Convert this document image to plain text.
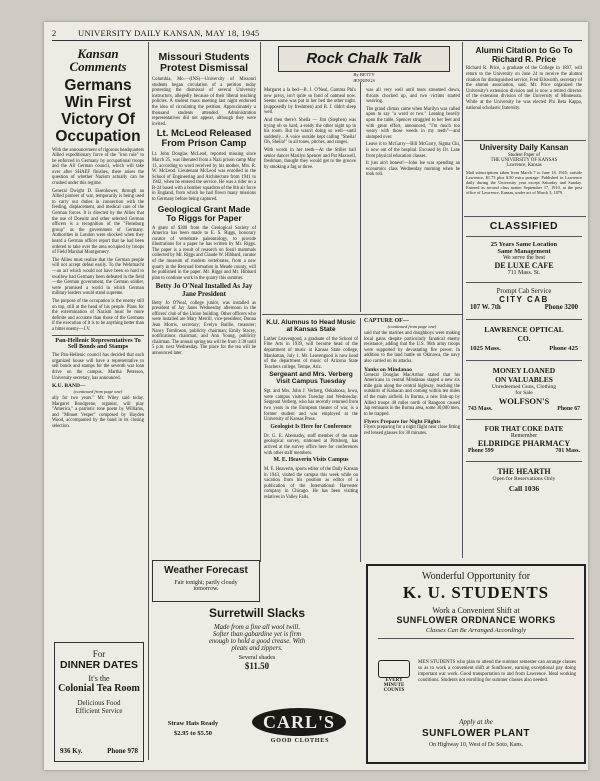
2	UNIVERSITY DAILY KANSAN, MAY 18, 1945
Kansan Comments
Germans Win First Victory Of Occupation

With the announcement of rigorous headquarters Allied expeditionary force of the "iron rule" to be enforced in Germany by occupational troops and the All German council, which will take over after SHAEF finishes, there arises the question of whether Nazism actually can be crushed under this regime.

General Dwight D. Eisenhower, through an Allied pioneer of war, temporarily is being used to carry out duties in connection with the feeding, displacement, and medical care of the German forces. It is directed by the Allies that the use of Doenitz and other selected German officers is a recognition of the "Flensburg group" as the government of Germany. Authorities in London were shocked when they heard a German officer report that he had been ordered to take over the area occupied by troops of Field Marshal Montgomery.

The Allies must realize that the German people will not accept defeat easily. To the Wehrmacht—an act which would not have been so hard to swallow had Germany been defeated in the field—the German government, the German soldier, were promised a world in which German military leaders would stand supreme.

The purpose of the occupation is the enemy still on top, still at the head of his people. Plans for the extermination of Nazism must be more definite and accurate than those of the Germans if the execution of it is to be anything better than a bitter enemy—J.V.

Pan-Hellenic Representatives To Sell Bonds and Stamps

The Pan-Hellenic council has decided that each organized house will have a representative to sell bonds and stamps for the seventh war loan drive on the campus. Martha Peterson, University secretary, has announced.

K.U. BAND—
(continued from page one)

ally for two years." Mr. Wiley said today. Margaret Bondgrene, organist, will play "America," a patriotic tone poem by Williams, and "Minuet Vesper" composed by Hayden Wood, accompanied by the band in its closing selection.

For
DINNER DATES
It's the
Colonial Tea Room
Delicious Food
Efficient Service
936 Ky.	Phone 978
Missouri Students Protest Dismissal

Columbia, Mo.—(INS)—University of Missouri students began circulation of a petition today protesting the dismissal of several University instructors, allegedly because of their liberal teaching policies. A student mass meeting last night endorsed the idea of circulating the petition. Approximately a thousand students attended. Administration representatives did not appear, although they were invited.

Lt. McLeod Released From Prison Camp

Lt. John Douglas McLeod, reported missing since March 25, was liberated from a Nazi prison camp May 11, according to word received by his mother, Mrs. R. W. McLeod. Lieutenant McLeod was enrolled in the School of Engineering and Architecture from 1941 to 1942, when he entered the service. He was a rider on a B-24 based with a bomber squadron of the 8th air force in England, from which he had flown many missions to Germany before being captured.

Geological Grant Made To Riggs for Paper

A grant of $300 from the Geological Society of America has been made to E. S. Riggs, honorary curator of vertebrate paleontology, to provide illustrations for a paper he has written by Mr. Riggs. The paper is a result of research on fossil mammals collected by Mr. Riggs and Claude W. Hibbard, curator of the museum of modern vertebrates, from a new quarry in the Rexroad formation in Meade county, will be published in the paper. Mr. Riggs and Mr. Hibbard plan to continue work in the quarry this summer.

Betty Jo O'Neal Installed As Jay Jane President

Betty Jo O'Neal, college junior, was installed as president of Jay Janes Wednesday afternoon in the officers' club of the Union building. Other officers who were installed are Mary Merrill, vice-president; Donna Jean Morris, secretary; Evelyn Baillie, treasurer; Nancy Tomlinson, publicity chairman; Emily Stacey, notifications chairman; and Ann Young, publicity chairman. The annual spring tea will be from 3:30 until 5 p.m. next Wednesday. The place for the tea will be announced later.

Weather Forecast
Fair tonight; partly cloudy
tomorrow.
Rock Chalk Talk
By BETTY
JENNINGS

Margaret a la bed—B. J. O'Neal, Gamma Phi's new prexy, isn't quite so fond of oatmeal now. Seems some was put in her bed the other night. (supposedly by freshmen) and B. J. didn't sleep well.

And then there's Sheila — Jim (Stephen) was trying oh so hard, a-ready the other night up in his room. But he wasn't doing so well—until suddenly... A voice outside kept calling "Sheila! Oh, Sheila!" in all tones, pitches, and ranges.

With words in her teeth—At the Stiller ball senior dancer Marilyn Spencer and Pat Maxwell, freshman, thought they would get to the groove by smoking a fag or three.

was all very well until tears streamed down, throats chocked up, and two victims started weaving.

The grand climax came when Marilyn was called upon to say "a word or two." Leaning heavily upon the table, Spencer struggled to her feet and with great effort, announced, "I'm much too weary with those weeds in my teeth"—and slumped over.

Leave it to McGarry—Bill McGarry, Sigma Chi, is now out of the hospital. Excused by Dr. Lane from physical education classes.

It just ain't honest!—John Ise was spending an economics class Wednesday morning when he took roll.

K.U. Alumnus to Head Music at Kansas State

Luther Leavengood, a graduate of the School of Fine Arts in 1939, will become head of the department of music at Kansas State college, Manhattan, July 1. Mr. Leavengood is now head of the department of music of Arizona State Teachers college, Tempe, Ariz.

Sergeant and Mrs. Verberg Visit Campus Tuesday

Sgt. and Mrs. John J. Verberg, Oskaloosa, Iowa, were campus visitors Tuesday and Wednesday. Sergeant Verberg, who has recently returned from two years in the European theater of war, is a former student and was employed at the University of Kansas Press.

Geologist Is Here for Conference

Dr. G. E. Abernathy, staff member of the state geological survey, stationed at Pittsburg, has arrived at the survey office here for conferences with other staff members.

M. E. Heaverin Visits Campus

M. E. Heaverin, sports editor of the Daily Kansan in 1943, visited the campus this week while on vacation from his position as editor of a publication of the International Harvester company in Chicago. He has been visiting relatives in Valley Falls.

CAPTURE OF—
(continued from page one)

said that the marines and doughboys were making local gains despite particularly fanatical enemy resistance, adding that the U.S. 96th army troops were supported by devastating fire power. In addition to the land battle on Okinawa, the navy also carried on its attacks.

Yanks on Mindanao

General Douglas MacArthur stated that his Americans in central Mindanao staged a new six mile gain along the central highway, reaching the outskirts of Kabacan and coming within ten miles of the main airfield. In Burma, a new link-up by Allied troops 40 miles north of Rangoon caused Jap remnants in the Burma area, some 30,000 men, to be trapped.

Flyers Prepare for Night Flights

Flyers preparing for a night flight near close fitting red lensed glasses for 30 minutes.

Alumni Citation to Go To Richard R. Price

Richard R. Price, a graduate of the College in 1897, will return to the University on June 24 to receive the alumni citation for distinguished service, Fred Ellsworth, secretary of the alumni association, said. Mr. Price organized the University's extension division and is now a retired director of the extension division of the University of Minnesota. While at the University he was elected Phi Beta Kappa, national scholastic fraternity.

University Daily Kansan
Student Paper of
THE UNIVERSITY OF KANSAS
Lawrence, Kansas

Mail subscriptions taken from March 7 to June 18, 1945; outside Lawrence, $1.75 plus $.50 extra postage. Published in Lawrence daily during the University year except Saturday and Sunday. Entered as second class matter September 17, 1910, at the post office of Lawrence, Kansas, under act of March 3, 1879.

CLASSIFIED
25 Years Same Location
Same Management
We serve the best
DE LUXE CAFE
711 Mass. St.
Prompt Cab Service
CITY CAB
107 W. 7th	Phone 3200
LAWRENCE OPTICAL
CO.
1025 Mass.	Phone 425
MONEY LOANED
ON VALUABLES
Unredeemed Guns, Clothing
for Sale
WOLFSON'S
743 Mass.	Phone 67
FOR THAT COKE DATE
Remember
ELDRIDGE PHARMACY
Phone 599	701 Mass.
THE HEARTH
Open for Reservations Only
Call 1036
Surretwill Slacks
Made from a fine all wool twill.
Softer than gabardine yet is firm
enough to hold a good crease. With
pleats and zippers.
Several shades
$11.50
Straw Hats Ready
$2.95 to $5.50
CARL'S
GOOD CLOTHES
Wonderful Opportunity for
K. U. STUDENTS
Work a Convenient Shift at
SUNFLOWER ORDNANCE WORKS
Classes Can Be Arranged Accordingly
EVERY
MINUTE
COUNTS

MEN STUDENTS who plan to attend the summer semester can arrange classes so as to work a convenient shift at Sunflower, earning exceptional pay doing important war work. Good transportation to and from Lawrence. Ideal working conditions. Students not enrolling for summer classes also needed.

Apply at the
SUNFLOWER PLANT
On Highway 10, West of De Soto, Kans.
